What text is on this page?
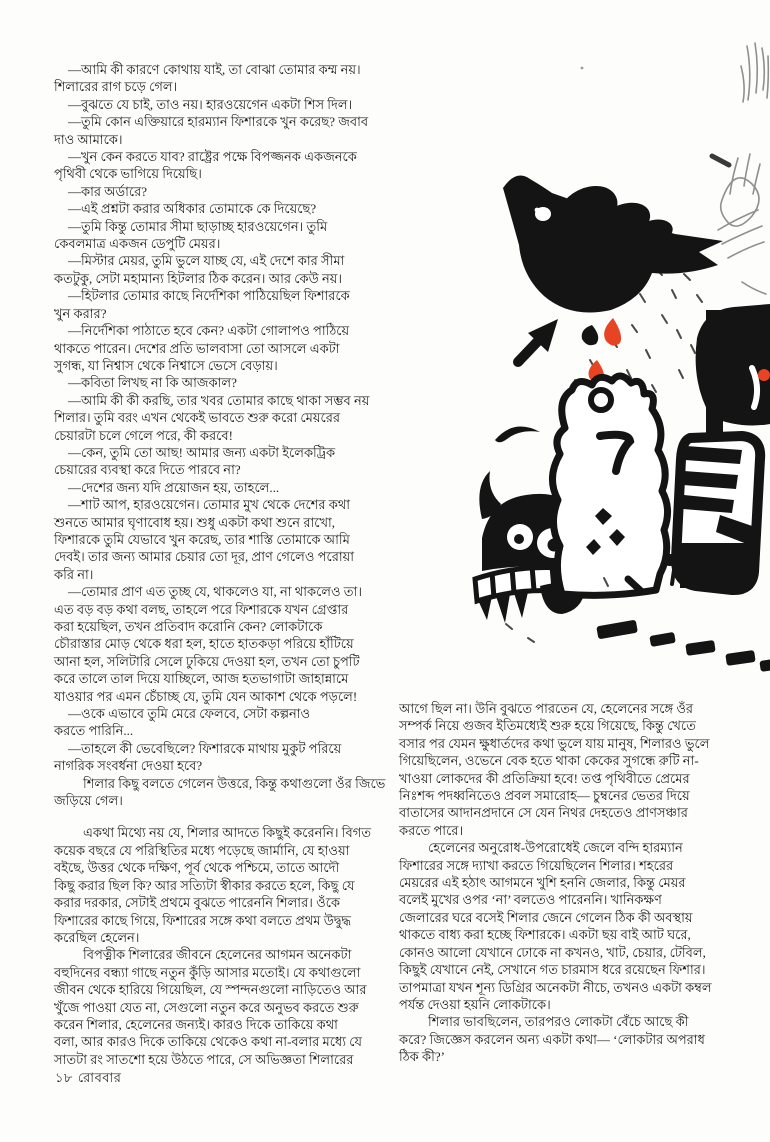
—আমি কী কারণে কোথায় যাই, তা বোঝা তোমার কম্ম নয়।
শিলারের রাগ চড়ে গেল।
—বুঝতে যে চাই, তাও নয়। হারওয়েগেন একটা শিস দিল।
—তুমি কোন এক্তিয়ারে হারম্যান ফিশারকে খুন করেছ? জবাব
দাও আমাকে।
—খুন কেন করতে যাব? রাষ্ট্রের পক্ষে বিপজ্জনক একজনকে
পৃথিবী থেকে ভাগিয়ে দিয়েছি।
—কার অর্ডারে?
—এই প্রশ্নটা করার অধিকার তোমাকে কে দিয়েছে?
—তুমি কিন্তু তোমার সীমা ছাড়াচ্ছ হারওয়েগেন। তুমি
কেবলমাত্র একজন ডেপুটি মেয়র।
—মিস্টার মেয়র, তুমি ভুলে যাচ্ছ যে, এই দেশে কার সীমা
কতটুকু, সেটা মহামান্য হিটলার ঠিক করেন। আর কেউ নয়।
—হিটলার তোমার কাছে নির্দেশিকা পাঠিয়েছিল ফিশারকে
খুন করার?
—নির্দেশিকা পাঠাতে হবে কেন? একটা গোলাপও পাঠিয়ে
থাকতে পারেন। দেশের প্রতি ভালবাসা তো আসলে একটা
সুগন্ধ, যা নিশ্বাস থেকে নিশ্বাসে ভেসে বেড়ায়।
—কবিতা লিখছ না কি আজকাল?
—আমি কী কী করছি, তার খবর তোমার কাছে থাকা সম্ভব নয়
শিলার। তুমি বরং এখন থেকেই ভাবতে শুরু করো মেয়রের
চেয়ারটা চলে গেলে পরে, কী করবে!
—কেন, তুমি তো আছ! আমার জন্য একটা ইলেকট্রিক
চেয়ারের ব্যবস্থা করে দিতে পারবে না?
—দেশের জন্য যদি প্রয়োজন হয়, তাহলে...
—শাট আপ, হারওয়েগেন। তোমার মুখ থেকে দেশের কথা
শুনতে আমার ঘৃণাবোধ হয়। শুধু একটা কথা শুনে রাখো,
ফিশারকে তুমি যেভাবে খুন করেছ, তার শাস্তি তোমাকে আমি
দেবই। তার জন্য আমার চেয়ার তো দূর, প্রাণ গেলেও পরোয়া
করি না।
—তোমার প্রাণ এত তুচ্ছ যে, থাকলেও যা, না থাকলেও তা।
এত বড় বড় কথা বলছ, তাহলে পরে ফিশারকে যখন গ্রেপ্তার
করা হয়েছিল, তখন প্রতিবাদ করোনি কেন? লোকটাকে
চৌরাস্তার মোড় থেকে ধরা হল, হাতে হাতকড়া পরিয়ে হাঁটিয়ে
আনা হল, সলিটারি সেলে ঢুকিয়ে দেওয়া হল, তখন তো চুপটি
করে তালে তাল দিয়ে যাচ্ছিলে, আজ হতভাগাটা জাহান্নামে
যাওয়ার পর এমন চেঁচাচ্ছ যে, তুমি যেন আকাশ থেকে পড়লে!
—ওকে এভাবে তুমি মেরে ফেলবে, সেটা কল্পনাও
করতে পারিনি...
—তাহলে কী ভেবেছিলে? ফিশারকে মাথায় মুকুট পরিয়ে
নাগরিক সংবর্ধনা দেওয়া হবে?
শিলার কিছু বলতে গেলেন উত্তরে, কিন্তু কথাগুলো ওঁর জিভে
জড়িয়ে গেল।
একথা মিথ্যে নয় যে, শিলার আদতে কিছুই করেননি। বিগত
কয়েক বছরে যে পরিস্থিতির মধ্যে পড়েছে জার্মানি, যে হাওয়া
বইছে, উত্তর থেকে দক্ষিণ, পূর্ব থেকে পশ্চিমে, তাতে আদৌ
কিছু করার ছিল কি? আর সত্যিটা স্বীকার করতে হলে, কিছু যে
করার দরকার, সেটাই প্রথমে বুঝতে পারেননি শিলার। ওঁকে
ফিশারের কাছে গিয়ে, ফিশারের সঙ্গে কথা বলতে প্রথম উদ্বুদ্ধ
করেছিল হেলেন।
বিপত্নীক শিলারের জীবনে হেলেনের আগমন অনেকটা
বহুদিনের বন্ধ্যা গাছে নতুন কুঁড়ি আসার মতোই। যে কথাগুলো
জীবন থেকে হারিয়ে গিয়েছিল, যে স্পন্দনগুলো নাড়িতেও আর
খুঁজে পাওয়া যেত না, সেগুলো নতুন করে অনুভব করতে শুরু
করেন শিলার, হেলেনের জন্যই। কারও দিকে তাকিয়ে কথা
বলা, আর কারও দিকে তাকিয়ে থেকেও কথা না-বলার মধ্যে যে
সাতটা রং সাতশো হয়ে উঠতে পারে, সে অভিজ্ঞতা শিলারের
আগে ছিল না। উনি বুঝতে পারতেন যে, হেলেনের সঙ্গে ওঁর
সম্পর্ক নিয়ে গুজব ইতিমধ্যেই শুরু হয়ে গিয়েছে, কিন্তু খেতে
বসার পর যেমন ক্ষুধার্তদের কথা ভুলে যায় মানুষ, শিলারও ভুলে
গিয়েছিলেন, ওভেনে বেক হতে থাকা কেকের সুগন্ধে রুটি না-
খাওয়া লোকদের কী প্রতিক্রিয়া হবে! তপ্ত পৃথিবীতে প্রেমের
নিঃশব্দ পদধ্বনিতেও প্রবল সমারোহ— চুম্বনের ভেতর দিয়ে
বাতাসের আদানপ্রদানে সে যেন নিথর দেহতেও প্রাণসঞ্চার
করতে পারে।
হেলেনের অনুরোধ-উপরোধেই জেলে বন্দি হারম্যান
ফিশারের সঙ্গে দ্যাখা করতে গিয়েছিলেন শিলার। শহরের
মেয়রের এই হঠাৎ আগমনে খুশি হননি জেলার, কিন্তু মেয়র
বলেই মুখের ওপর ‘না’ বলতেও পারেননি। খানিকক্ষণ
জেলারের ঘরে বসেই শিলার জেনে গেলেন ঠিক কী অবস্থায়
থাকতে বাধ্য করা হচ্ছে ফিশারকে। একটা ছয় বাই আট ঘরে,
কোনও আলো যেখানে ঢোকে না কখনও, খাট, চেয়ার, টেবিল,
কিছুই যেখানে নেই, সেখানে গত চারমাস ধরে রয়েছেন ফিশার।
তাপমাত্রা যখন শূন্য ডিগ্রির অনেকটা নীচে, তখনও একটা কম্বল
পর্যন্ত দেওয়া হয়নি লোকটাকে।
শিলার ভাবছিলেন, তারপরও লোকটা বেঁচে আছে কী
করে? জিজ্ঞেস করলেন অন্য একটা কথা— ‘লোকটার অপরাধ
ঠিক কী?’
১৮ রোববার
